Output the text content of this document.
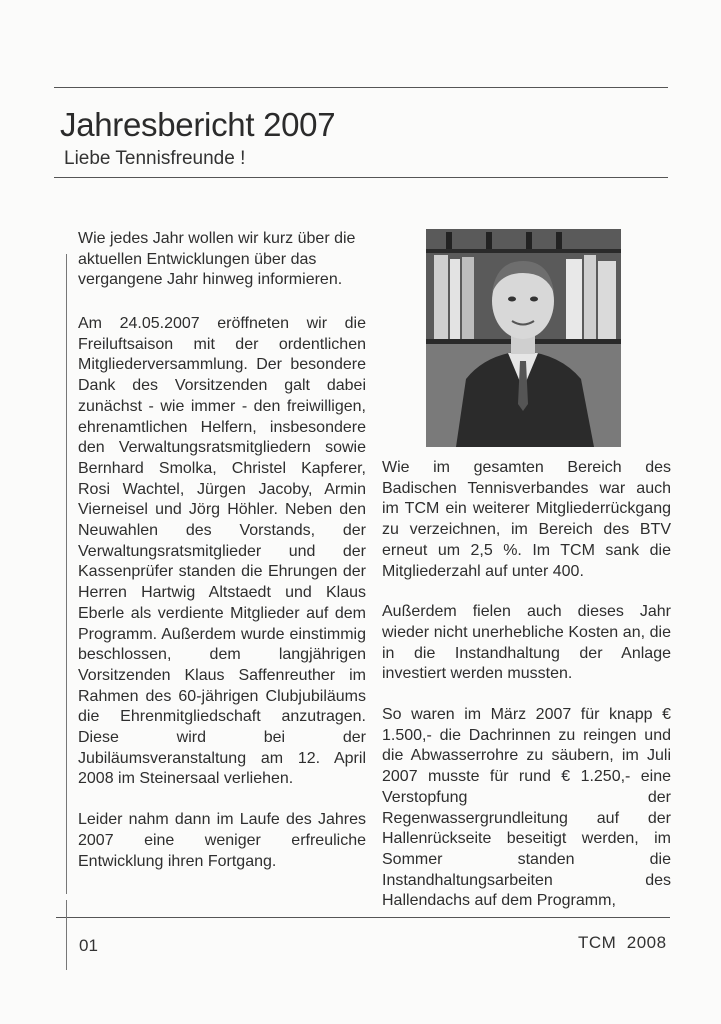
Jahresbericht 2007
Liebe Tennisfreunde !
Wie jedes Jahr wollen wir kurz über die aktuellen Entwicklungen über das vergangene Jahr hinweg informieren.

Am 24.05.2007 eröffneten wir die Freiluftsaison mit der ordentlichen Mitgliederversammlung. Der besondere Dank des Vorsitzenden galt dabei zunächst - wie immer - den freiwilligen, ehrenamtlichen Helfern, insbesondere den Verwaltungsratsmitgliedern sowie Bernhard Smolka, Christel Kapferer, Rosi Wachtel, Jürgen Jacoby, Armin Vierneisel und Jörg Höhler. Neben den Neuwahlen des Vorstands, der Verwaltungsratsmitglieder und der Kassenprüfer standen die Ehrungen der Herren Hartwig Altstaedt und Klaus Eberle als verdiente Mitglieder auf dem Programm. Außerdem wurde einstimmig beschlossen, dem langjährigen Vorsitzenden Klaus Saffenreuther im Rahmen des 60-jährigen Clubjubiläums die Ehrenmitgliedschaft anzutragen. Diese wird bei der Jubiläumsveranstaltung am 12. April 2008 im Steinersaal verliehen.

Leider nahm dann im Laufe des Jahres 2007 eine weniger erfreuliche Entwicklung ihren Fortgang.

Wie im gesamten Bereich des Badischen Tennisverbandes war auch im TCM ein weiterer Mitgliederrückgang zu verzeichnen, im Bereich des BTV erneut um 2,5 %. Im TCM sank die Mitgliederzahl auf unter 400.

Außerdem fielen auch dieses Jahr wieder nicht unerhebliche Kosten an, die in die Instandhaltung der Anlage investiert werden mussten.

So waren im März 2007 für knapp € 1.500,- die Dachrinnen zu reingen und die Abwasserrohre zu säubern, im Juli 2007 musste für rund € 1.250,- eine Verstopfung der Regenwassergrundleitung auf der Hallenrückseite beseitigt werden, im Sommer standen die Instandhaltungsarbeiten des Hallendachs auf dem Programm,

01	TCM  2008
